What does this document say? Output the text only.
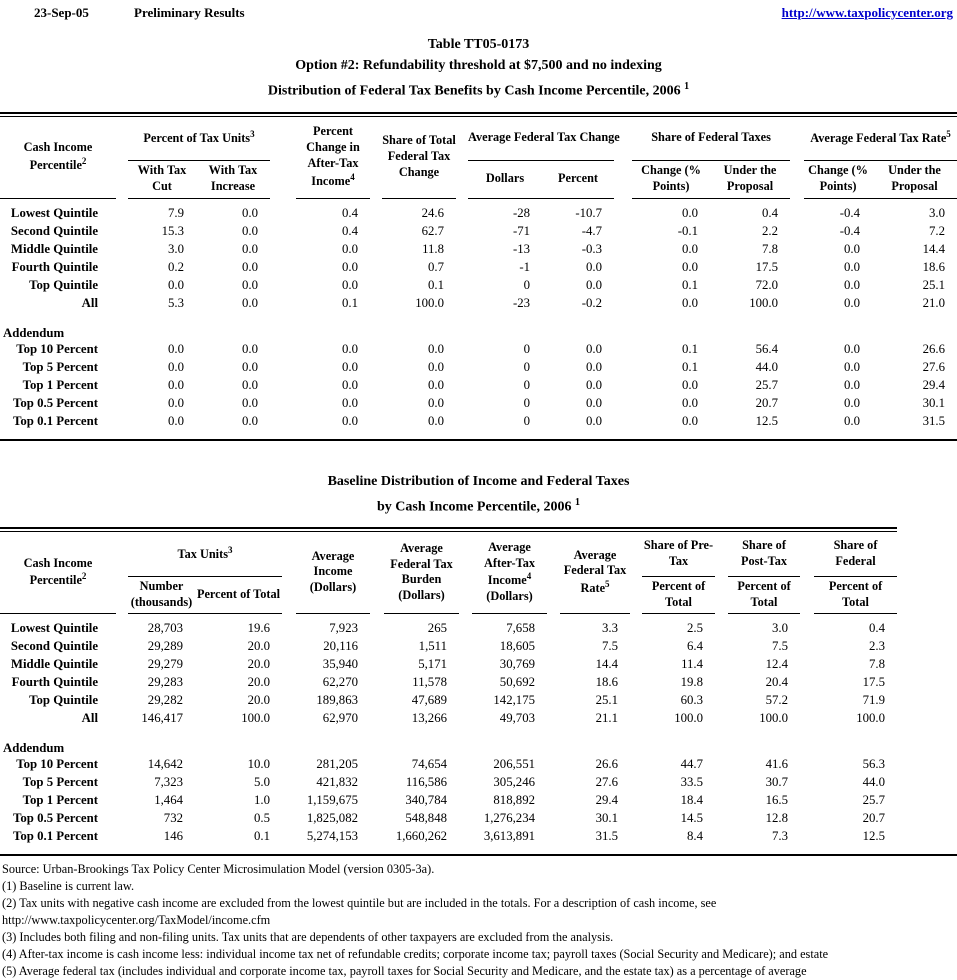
23-Sep-05	Preliminary Results	http://www.taxpolicycenter.org
Table TT05-0173
Option #2: Refundability threshold at $7,500 and no indexing
Distribution of Federal Tax Benefits by Cash Income Percentile, 2006 $^1$
Cash Income Percentile$^2$		Percent of Tax Units$^3$			Percent Change in After-Tax Income$^4$		Share of Total Federal Tax Change		Average Federal Tax Change			Share of Federal Taxes			Average Federal Tax Rate$^5$
		With Tax Cut	With Tax Increase						Dollars	Percent		Change (% Points)	Under the Proposal		Change (% Points)	Under the Proposal

Lowest Quintile		7.9	0.0		0.4		24.6		-28	-10.7		0.0	0.4		-0.4	3.0
Second Quintile		15.3	0.0		0.4		62.7		-71	-4.7		-0.1	2.2		-0.4	7.2
Middle Quintile		3.0	0.0		0.0		11.8		-13	-0.3		0.0	7.8		0.0	14.4
Fourth Quintile		0.2	0.0		0.0		0.7		-1	0.0		0.0	17.5		0.0	18.6
Top Quintile		0.0	0.0		0.0		0.1		0	0.0		0.1	72.0		0.0	25.1
All		5.3	0.0		0.1		100.0		-23	-0.2		0.0	100.0		0.0	21.0

Addendum																
Top 10 Percent		0.0	0.0		0.0		0.0		0	0.0		0.1	56.4		0.0	26.6
Top 5 Percent		0.0	0.0		0.0		0.0		0	0.0		0.1	44.0		0.0	27.6
Top 1 Percent		0.0	0.0		0.0		0.0		0	0.0		0.0	25.7		0.0	29.4
Top 0.5 Percent		0.0	0.0		0.0		0.0		0	0.0		0.0	20.7		0.0	30.1
Top 0.1 Percent		0.0	0.0		0.0		0.0		0	0.0		0.0	12.5		0.0	31.5

Baseline Distribution of Income and Federal Taxes
by Cash Income Percentile, 2006 $^1$
Cash Income Percentile$^2$		Tax Units$^3$			Average Income (Dollars)		Average Federal Tax Burden (Dollars)		Average After-Tax Income$^4$ (Dollars)		Average Federal Tax Rate$^5$		Share of Pre-Tax		Share of Post-Tax		Share of Federal
		Number (thousands)	Percent of Total										Percent of Total		Percent of Total		Percent of Total

Lowest Quintile		28,703	19.6		7,923		265		7,658		3.3		2.5		3.0		0.4
Second Quintile		29,289	20.0		20,116		1,511		18,605		7.5		6.4		7.5		2.3
Middle Quintile		29,279	20.0		35,940		5,171		30,769		14.4		11.4		12.4		7.8
Fourth Quintile		29,283	20.0		62,270		11,578		50,692		18.6		19.8		20.4		17.5
Top Quintile		29,282	20.0		189,863		47,689		142,175		25.1		60.3		57.2		71.9
All		146,417	100.0		62,970		13,266		49,703		21.1		100.0		100.0		100.0

Addendum																	
Top 10 Percent		14,642	10.0		281,205		74,654		206,551		26.6		44.7		41.6		56.3
Top 5 Percent		7,323	5.0		421,832		116,586		305,246		27.6		33.5		30.7		44.0
Top 1 Percent		1,464	1.0		1,159,675		340,784		818,892		29.4		18.4		16.5		25.7
Top 0.5 Percent		732	0.5		1,825,082		548,848		1,276,234		30.1		14.5		12.8		20.7
Top 0.1 Percent		146	0.1		5,274,153		1,660,262		3,613,891		31.5		8.4		7.3		12.5

Source: Urban-Brookings Tax Policy Center Microsimulation Model (version 0305-3a).
(1) Baseline is current law.
(2) Tax units with negative cash income are excluded from the lowest quintile but are included in the totals. For a description of cash income, see
http://www.taxpolicycenter.org/TaxModel/income.cfm
(3) Includes both filing and non-filing units. Tax units that are dependents of other taxpayers are excluded from the analysis.
(4) After-tax income is cash income less: individual income tax net of refundable credits; corporate income tax; payroll taxes (Social Security and Medicare); and estate
(5) Average federal tax (includes individual and corporate income tax, payroll taxes for Social Security and Medicare, and the estate tax) as a percentage of average
